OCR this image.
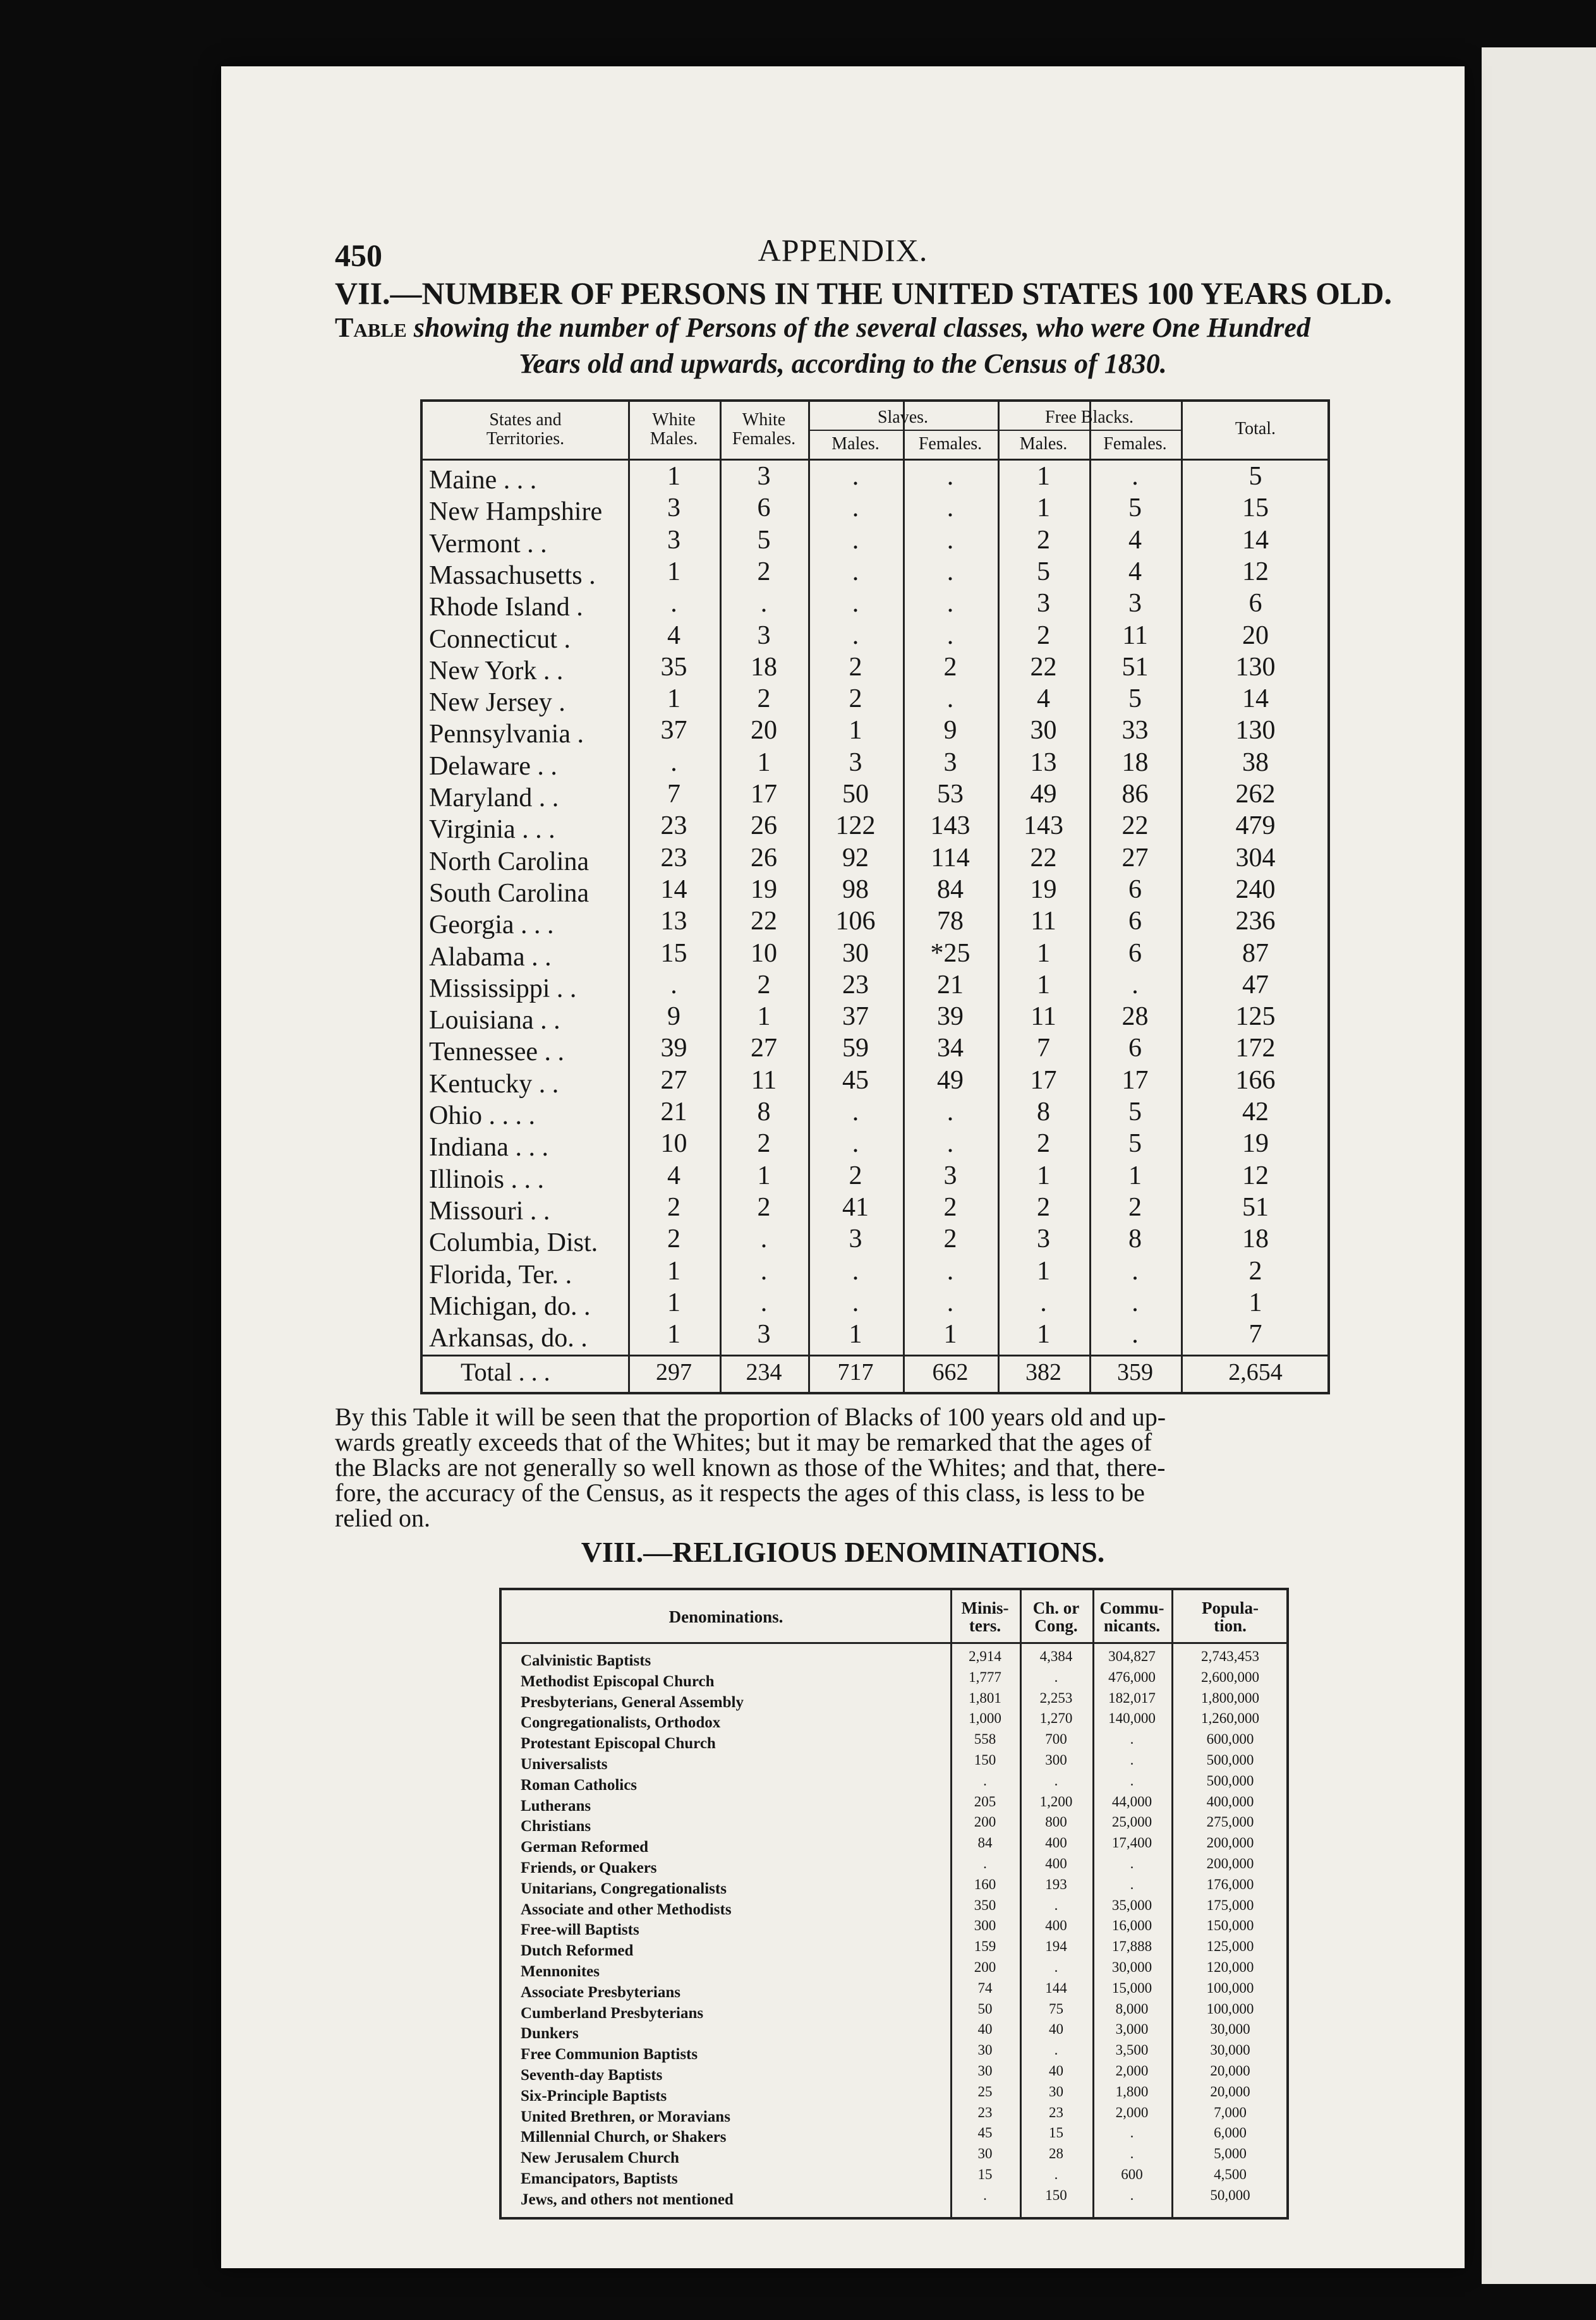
450	APPENDIX.
VII.—NUMBER OF PERSONS IN THE UNITED STATES 100 YEARS OLD.
Table showing the number of Persons of the several classes, who were One Hundred
Years old and upwards, according to the Census of 1830.
States and
Territories.
White
Males.
White
Females.
Slaves.
Males.	Females.
Free Blacks.
Males.	Females.
Total.
Maine . . .	1	3	.	.	1	.	5
New Hampshire	3	6	.	.	1	5	15
Vermont . .	3	5	.	.	2	4	14
Massachusetts .	1	2	.	.	5	4	12
Rhode Island .	.	.	.	.	3	3	6
Connecticut .	4	3	.	.	2	11	20
New York . .	35	18	2	2	22	51	130
New Jersey .	1	2	2	.	4	5	14
Pennsylvania .	37	20	1	9	30	33	130
Delaware . .	.	1	3	3	13	18	38
Maryland . .	7	17	50	53	49	86	262
Virginia . . .	23	26	122	143	143	22	479
North Carolina	23	26	92	114	22	27	304
South Carolina	14	19	98	84	19	6	240
Georgia . . .	13	22	106	78	11	6	236
Alabama . .	15	10	30	*25	1	6	87
Mississippi . .	.	2	23	21	1	.	47
Louisiana . .	9	1	37	39	11	28	125
Tennessee . .	39	27	59	34	7	6	172
Kentucky . .	27	11	45	49	17	17	166
Ohio . . . .	21	8	.	.	8	5	42
Indiana . . .	10	2	.	.	2	5	19
Illinois . . .	4	1	2	3	1	1	12
Missouri . .	2	2	41	2	2	2	51
Columbia, Dist.	2	.	3	2	3	8	18
Florida, Ter. .	1	.	.	.	1	.	2
Michigan, do. .	1	.	.	.	.	.	1
Arkansas, do. .	1	3	1	1	1	.	7
Total . . .	297	234	717	662	382	359	2,654
By this Table it will be seen that the proportion of Blacks of 100 years old and up-
wards greatly exceeds that of the Whites; but it may be remarked that the ages of
the Blacks are not generally so well known as those of the Whites; and that, there-
fore, the accuracy of the Census, as it respects the ages of this class, is less to be
relied on.
VIII.—RELIGIOUS DENOMINATIONS.
Denominations.	Minis-
ters.
Ch. or
Cong.
Commu-
nicants.
Popula-
tion.
Calvinistic Baptists	2,914	4,384	304,827	2,743,453
Methodist Episcopal Church	1,777	.	476,000	2,600,000
Presbyterians, General Assembly	1,801	2,253	182,017	1,800,000
Congregationalists, Orthodox	1,000	1,270	140,000	1,260,000
Protestant Episcopal Church	558	700	.	600,000
Universalists	150	300	.	500,000
Roman Catholics	.	.	.	500,000
Lutherans	205	1,200	44,000	400,000
Christians	200	800	25,000	275,000
German Reformed	84	400	17,400	200,000
Friends, or Quakers	.	400	.	200,000
Unitarians, Congregationalists	160	193	.	176,000
Associate and other Methodists	350	.	35,000	175,000
Free-will Baptists	300	400	16,000	150,000
Dutch Reformed	159	194	17,888	125,000
Mennonites	200	.	30,000	120,000
Associate Presbyterians	74	144	15,000	100,000
Cumberland Presbyterians	50	75	8,000	100,000
Dunkers	40	40	3,000	30,000
Free Communion Baptists	30	.	3,500	30,000
Seventh-day Baptists	30	40	2,000	20,000
Six-Principle Baptists	25	30	1,800	20,000
United Brethren, or Moravians	23	23	2,000	7,000
Millennial Church, or Shakers	45	15	.	6,000
New Jerusalem Church	30	28	.	5,000
Emancipators, Baptists	15	.	600	4,500
Jews, and others not mentioned	.	150	.	50,000
